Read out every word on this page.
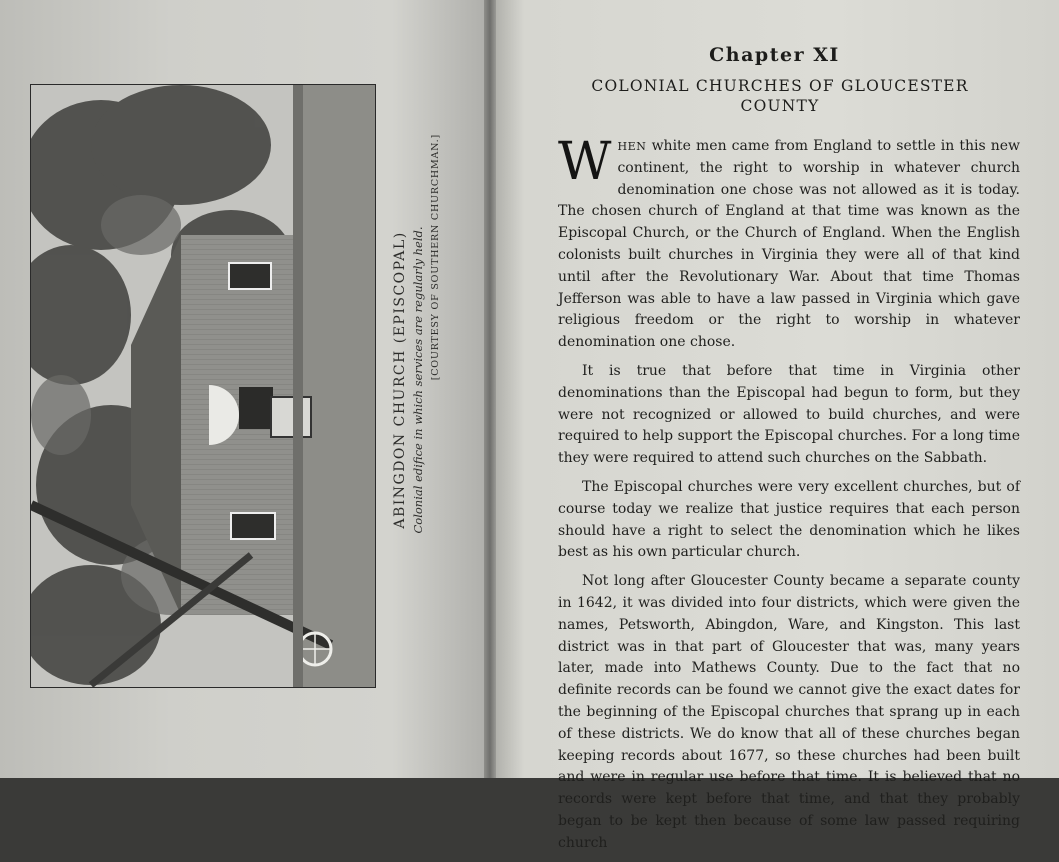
ABINGDON CHURCH (EPISCOPAL) Colonial edifice in which services are regularly held. [COURTESY OF SOUTHERN CHURCHMAN.]
Chapter XI
COLONIAL CHURCHES OF GLOUCESTER COUNTY

WHEN white men came from England to settle in this new continent, the right to worship in whatever church denomination one chose was not allowed as it is today. The chosen church of England at that time was known as the Episcopal Church, or the Church of England. When the English colonists built churches in Virginia they were all of that kind until after the Revolutionary War. About that time Thomas Jefferson was able to have a law passed in Virginia which gave religious freedom or the right to worship in whatever denomination one chose.

It is true that before that time in Virginia other denominations than the Episcopal had begun to form, but they were not recognized or allowed to build churches, and were required to help support the Episcopal churches. For a long time they were required to attend such churches on the Sabbath.

The Episcopal churches were very excellent churches, but of course today we realize that justice requires that each person should have a right to select the denomination which he likes best as his own particular church.

Not long after Gloucester County became a separate county in 1642, it was divided into four districts, which were given the names, Petsworth, Abingdon, Ware, and Kingston. This last district was in that part of Gloucester that was, many years later, made into Mathews County. Due to the fact that no definite records can be found we cannot give the exact dates for the beginning of the Episcopal churches that sprang up in each of these districts. We do know that all of these churches began keeping records about 1677, so these churches had been built and were in regular use before that time. It is believed that no records were kept before that time, and that they probably began to be kept then because of some law passed requiring church
